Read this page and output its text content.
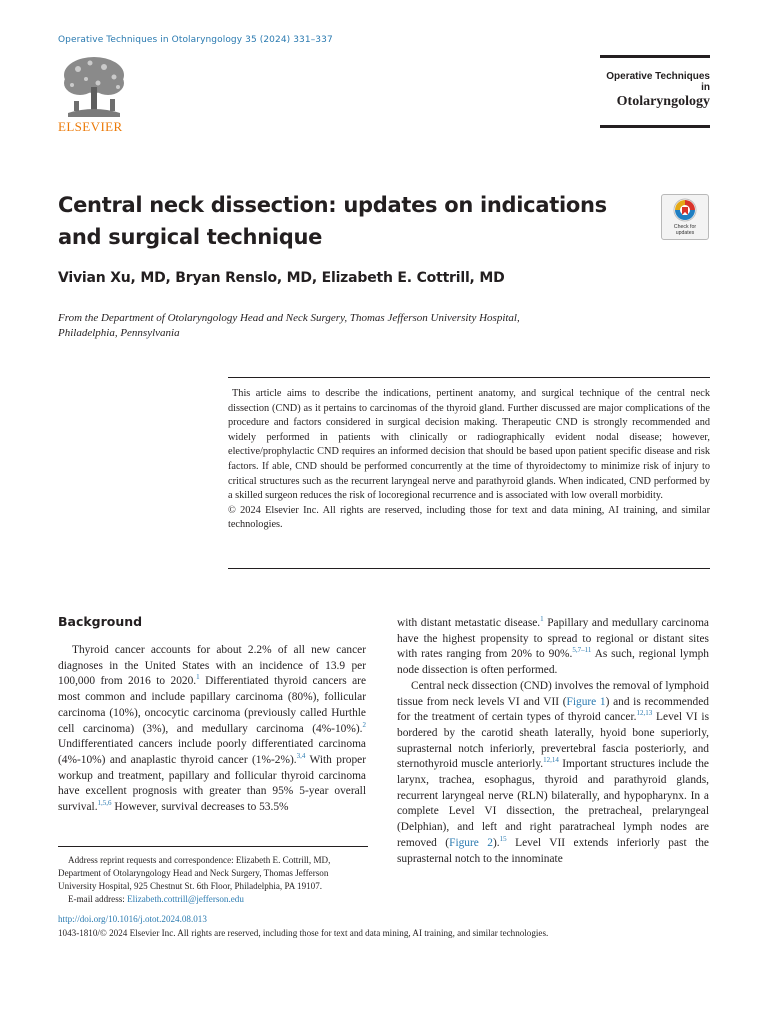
Operative Techniques in Otolaryngology 35 (2024) 331–337
ELSEVIER
Operative Techniques in
Otolaryngology
Central neck dissection: updates on indications and surgical technique	Check for
updates
Vivian Xu, MD, Bryan Renslo, MD, Elizabeth E. Cottrill, MD
From the Department of Otolaryngology Head and Neck Surgery, Thomas Jefferson University Hospital, Philadelphia, Pennsylvania

This article aims to describe the indications, pertinent anatomy, and surgical technique of the central neck dissection (CND) as it pertains to carcinomas of the thyroid gland. Further discussed are major complications of the procedure and factors considered in surgical decision making. Therapeutic CND is strongly recommended and widely performed in patients with clinically or radiographically evident nodal disease; however, elective/prophylactic CND requires an informed decision that should be based upon patient specific disease and risk factors. If able, CND should be performed concurrently at the time of thyroidectomy to minimize risk of injury to critical structures such as the recurrent laryngeal nerve and parathyroid glands. When indicated, CND performed by a skilled surgeon reduces the risk of locoregional recurrence and is associated with low overall morbidity.

© 2024 Elsevier Inc. All rights are reserved, including those for text and data mining, AI training, and similar technologies.

Background

Thyroid cancer accounts for about 2.2% of all new cancer diagnoses in the United States with an incidence of 13.9 per 100,000 from 2016 to 2020.$^1$ Differentiated thyroid cancers are most common and include papillary carcinoma (80%), follicular carcinoma (10%), oncocytic carcinoma (previously called Hurthle cell carcinoma) (3%), and medullary carcinoma (4%-10%).$^2$ Undifferentiated cancers include poorly differentiated carcinoma (4%-10%) and anaplastic thyroid cancer (1%-2%).$^{3,4}$ With proper workup and treatment, papillary and follicular thyroid carcinoma have excellent prognosis with greater than 95% 5-year overall survival.$^{1,5,6}$ However, survival decreases to 53.5%

with distant metastatic disease.$^1$ Papillary and medullary carcinoma have the highest propensity to spread to regional or distant sites with rates ranging from 20% to 90%.$^{5,7-11}$ As such, regional lymph node dissection is often performed.

Central neck dissection (CND) involves the removal of lymphoid tissue from neck levels VI and VII (Figure 1) and is recommended for the treatment of certain types of thyroid cancer.$^{12,13}$ Level VI is bordered by the carotid sheath laterally, hyoid bone superiorly, suprasternal notch inferiorly, prevertebral fascia posteriorly, and sternothyroid muscle anteriorly.$^{12,14}$ Important structures include the larynx, trachea, esophagus, thyroid and parathyroid glands, recurrent laryngeal nerve (RLN) bilaterally, and hypopharynx. In a complete Level VI dissection, the pretracheal, prelaryngeal (Delphian), and left and right paratracheal lymph nodes are removed (Figure 2).$^{15}$ Level VII extends inferiorly past the suprasternal notch to the innominate

Address reprint requests and correspondence: Elizabeth E. Cottrill, MD, Department of Otolaryngology Head and Neck Surgery, Thomas Jefferson University Hospital, 925 Chestnut St. 6th Floor, Philadelphia, PA 19107.

E-mail address: Elizabeth.cottrill@jefferson.edu

http://doi.org/10.1016/j.otot.2024.08.013
1043-1810/© 2024 Elsevier Inc. All rights are reserved, including those for text and data mining, AI training, and similar technologies.
